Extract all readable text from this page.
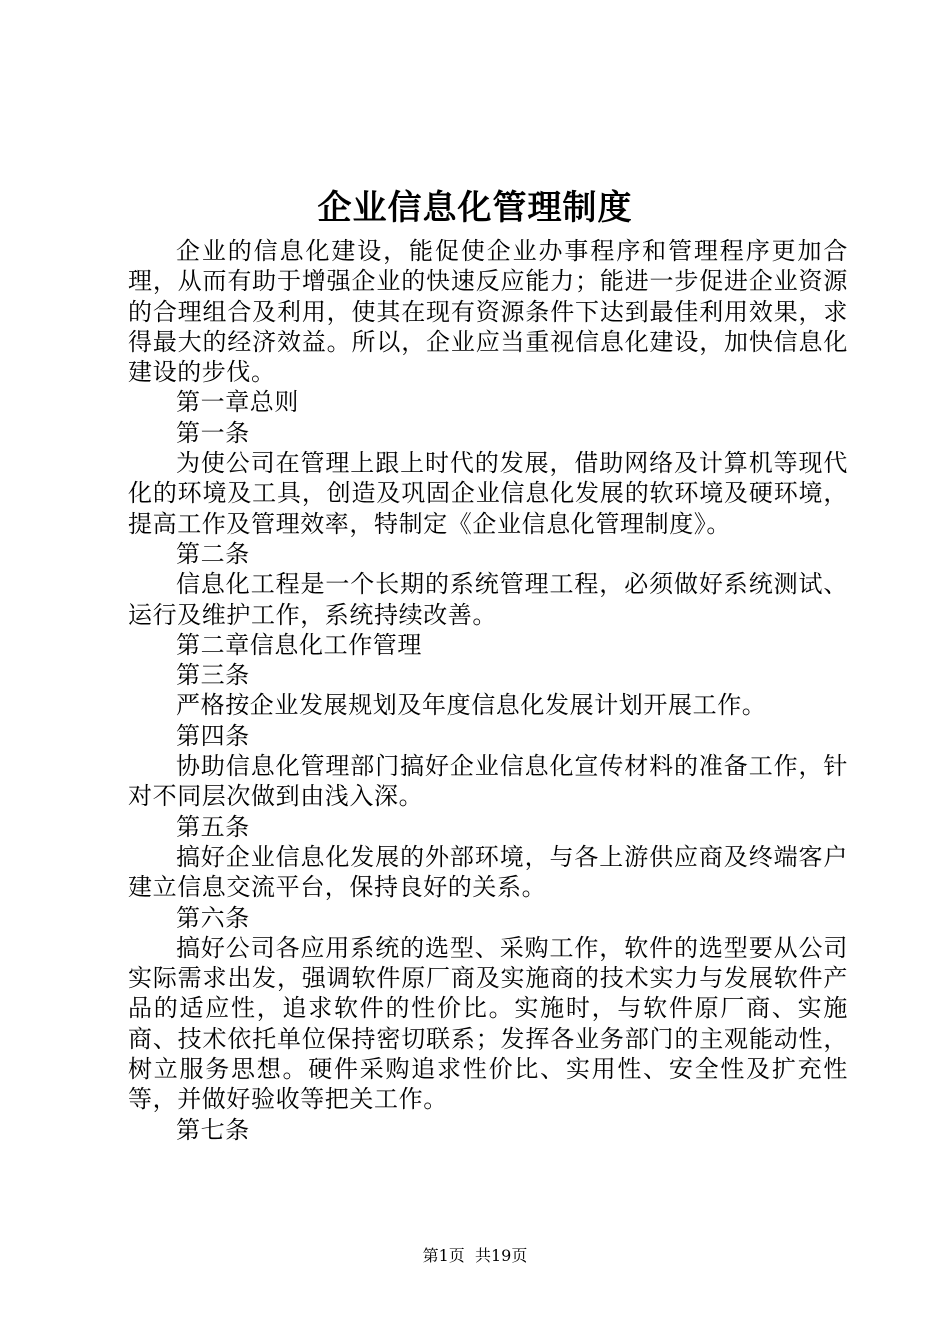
企业信息化管理制度

企业的信息化建设，能促使企业办事程序和管理程序更加合理，从而有助于增强企业的快速反应能力；能进一步促进企业资源的合理组合及利用，使其在现有资源条件下达到最佳利用效果，求得最大的经济效益。所以，企业应当重视信息化建设，加快信息化建设的步伐。

第一章总则

第一条

为使公司在管理上跟上时代的发展，借助网络及计算机等现代化的环境及工具，创造及巩固企业信息化发展的软环境及硬环境，提高工作及管理效率，特制定《企业信息化管理制度》。

第二条

信息化工程是一个长期的系统管理工程，必须做好系统测试、运行及维护工作，系统持续改善。

第二章信息化工作管理

第三条

严格按企业发展规划及年度信息化发展计划开展工作。

第四条

协助信息化管理部门搞好企业信息化宣传材料的准备工作，针对不同层次做到由浅入深。

第五条

搞好企业信息化发展的外部环境，与各上游供应商及终端客户建立信息交流平台，保持良好的关系。

第六条

搞好公司各应用系统的选型、采购工作，软件的选型要从公司实际需求出发，强调软件原厂商及实施商的技术实力与发展软件产品的适应性，追求软件的性价比。实施时，与软件原厂商、实施商、技术依托单位保持密切联系；发挥各业务部门的主观能动性，树立服务思想。硬件采购追求性价比、实用性、安全性及扩充性等，并做好验收等把关工作。

第七条

第1页 共19页
